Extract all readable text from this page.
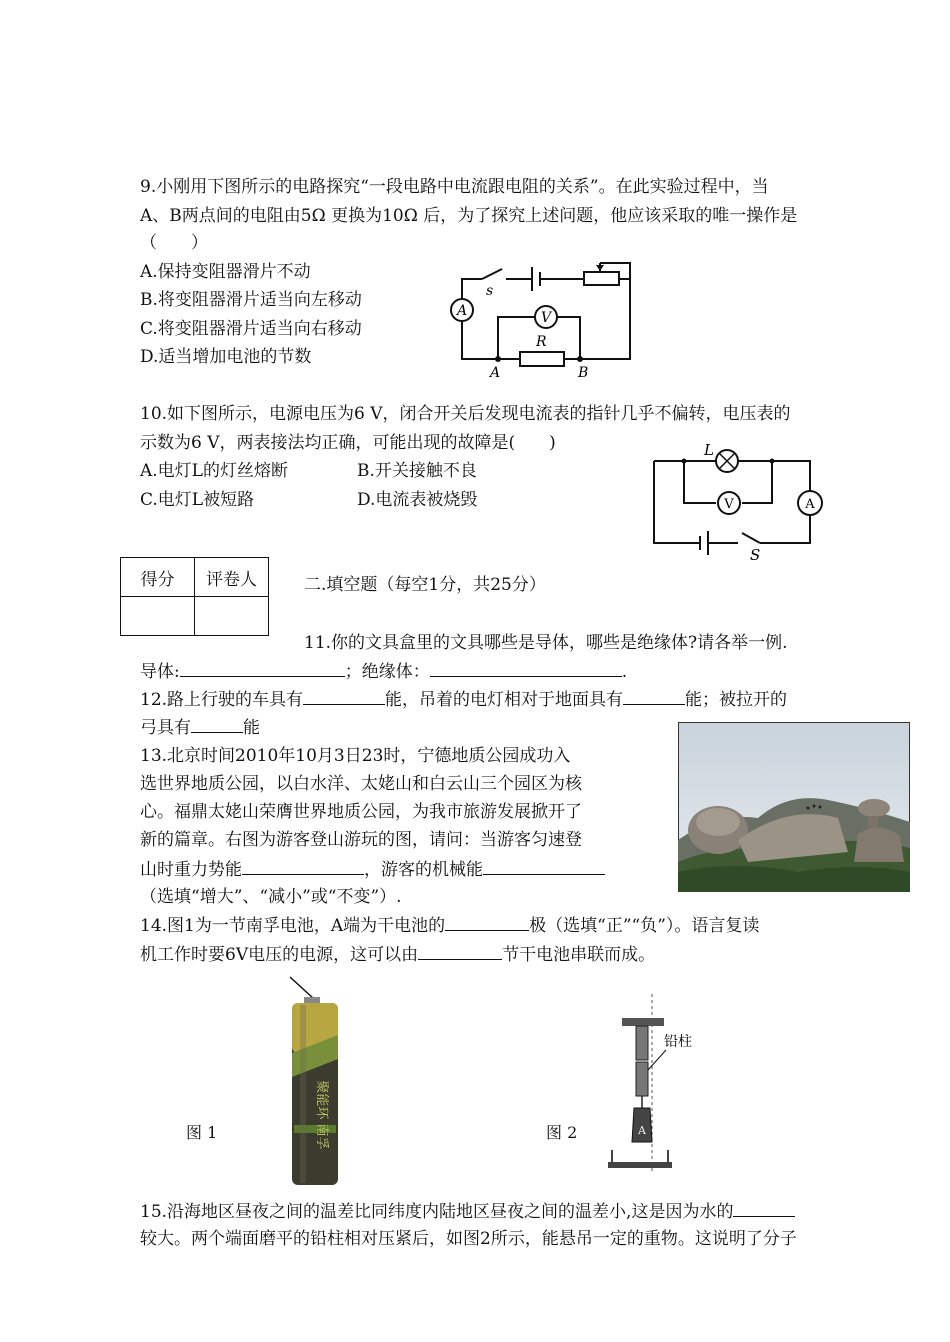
9.小刚用下图所示的电路探究“一段电路中电流跟电阻的关系”。在此实验过程中，当
A、B两点间的电阻由5Ω 更换为10Ω 后，为了探究上述问题，他应该采取的唯一操作是
（　　）
A.保持变阻器滑片不动
B.将变阻器滑片适当向左移动
C.将变阻器滑片适当向右移动
D.适当增加电池的节数
A	V
s
R
A	B
10.如下图所示，电源电压为6 V，闭合开关后发现电流表的指针几乎不偏转，电压表的
示数为6 V，两表接法均正确，可能出现的故障是(　　)
A.电灯L的灯丝熔断	B.开关接触不良
C.电灯L被短路	D.电流表被烧毁
L
V	A
S
得分	评卷人
		二.填空题（每空1分，共25分）
11.你的文具盒里的文具哪些是导体，哪些是绝缘体?请各举一例.
导体:	；绝缘体：	.
12.路上行驶的车具有	能，吊着的电灯相对于地面具有	能；被拉开的
弓具有	能
13.北京时间2010年10月3日23时，宁德地质公园成功入
选世界地质公园，以白水洋、太姥山和白云山三个园区为核
心。福鼎太姥山荣膺世界地质公园，为我市旅游发展掀开了
新的篇章。右图为游客登山游玩的图，请问：当游客匀速登
山时重力势能	，游客的机械能
（选填“增大”、“减小”或“不变”）.
14.图1为一节南孚电池，A端为干电池的	极（选填“正”“负”）。语言复读
机工作时要6V电压的电源，这可以由	节干电池串联而成。
图 1	聚能环 南孚	图 2
铅柱
A
15.沿海地区昼夜之间的温差比同纬度内陆地区昼夜之间的温差小,这是因为水的
较大。两个端面磨平的铅柱相对压紧后，如图2所示，能悬吊一定的重物。这说明了分子
